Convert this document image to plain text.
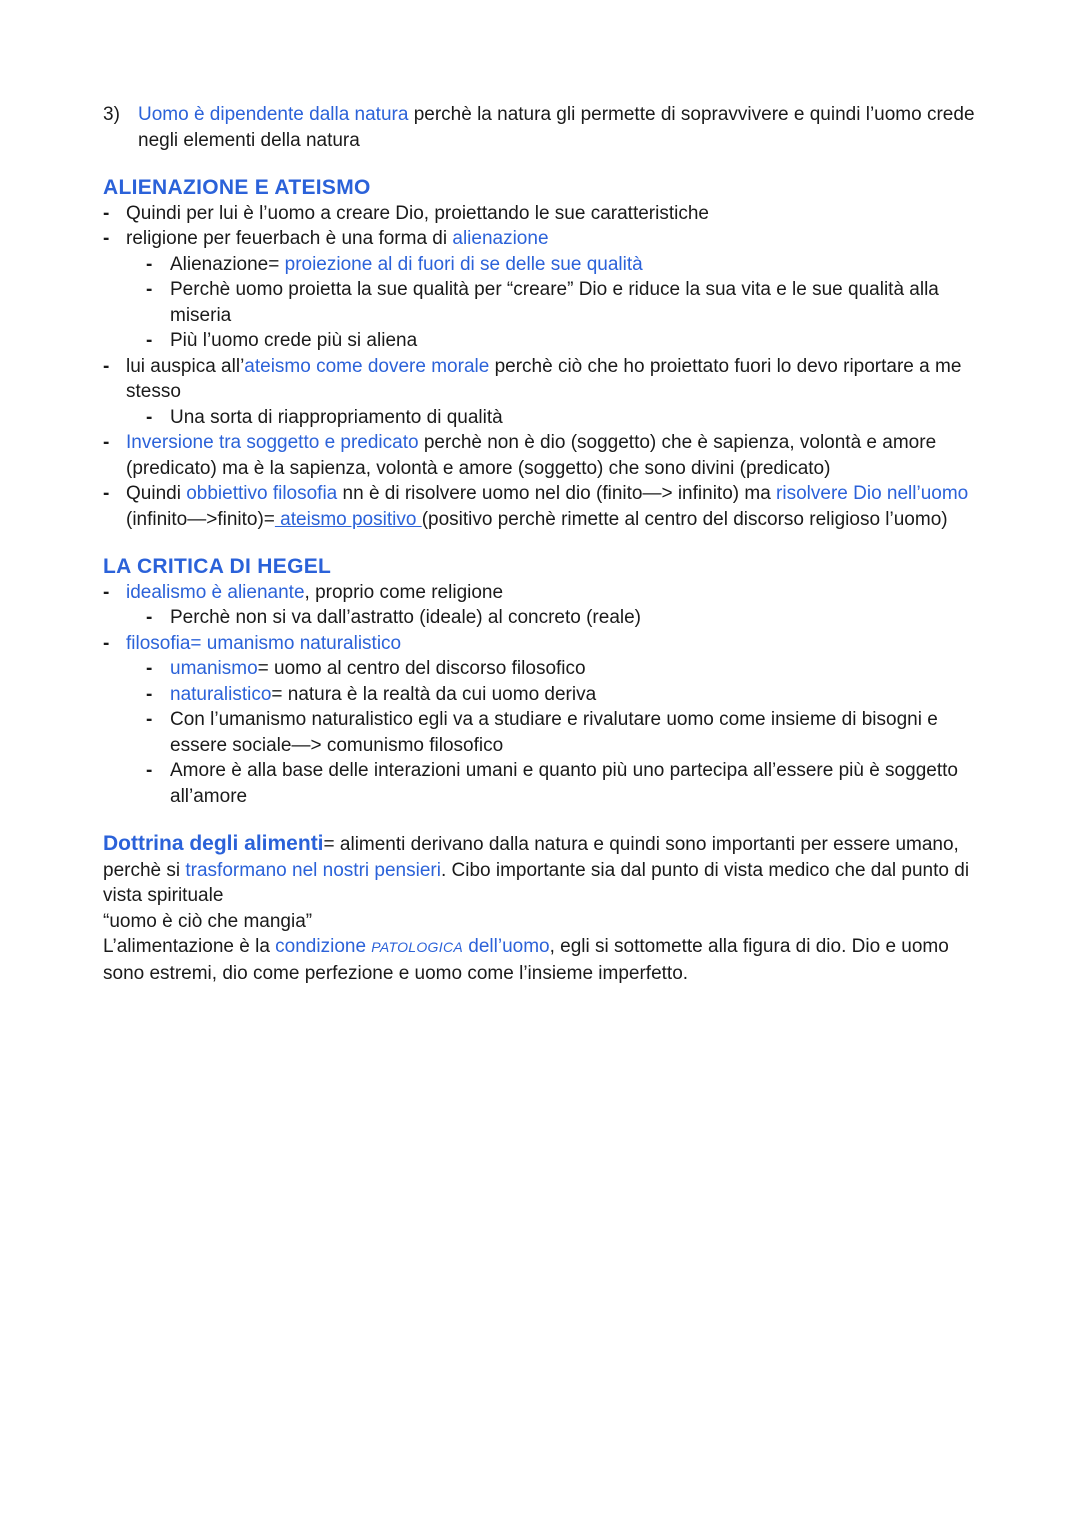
3) Uomo è dipendente dalla natura perchè la natura gli permette di sopravvivere e quindi l’uomo crede negli elementi della natura
ALIENAZIONE E ATEISMO
- Quindi per lui è l’uomo a creare Dio, proiettando le sue caratteristiche
- religione per feuerbach è una forma di alienazione
- Alienazione= proiezione al di fuori di se delle sue qualità
- Perchè uomo proietta la sue qualità per “creare” Dio e riduce la sua vita e le sue qualità alla miseria
- Più l’uomo crede più si aliena
- lui auspica all’ateismo come dovere morale perchè ciò che ho proiettato fuori lo devo riportare a me stesso
- Una sorta di riappropriamento di qualità
- Inversione tra soggetto e predicato perchè non è dio (soggetto) che è sapienza, volontà e amore (predicato) ma è la sapienza, volontà e amore (soggetto) che sono divini (predicato)
- Quindi obbiettivo filosofia nn è di risolvere uomo nel dio (finito—> infinito) ma risolvere Dio nell’uomo (infinito—>finito)= ateismo positivo (positivo perchè rimette al centro del discorso religioso l’uomo)
LA CRITICA DI HEGEL
- idealismo è alienante, proprio come religione
- Perchè non si va dall’astratto (ideale) al concreto (reale)
- filosofia= umanismo naturalistico
- umanismo= uomo al centro del discorso filosofico
- naturalistico= natura è la realtà da cui uomo deriva
- Con l’umanismo naturalistico egli va a studiare e rivalutare uomo come insieme di bisogni e essere sociale—> comunismo filosofico
- Amore è alla base delle interazioni umani e quanto più uno partecipa all’essere più è soggetto all’amore

Dottrina degli alimenti= alimenti derivano dalla natura e quindi sono importanti per essere umano, perchè si trasformano nel nostri pensieri. Cibo importante sia dal punto di vista medico che dal punto di vista spirituale

“uomo è ciò che mangia”

L’alimentazione è la condizione PATOLOGICA dell’uomo, egli si sottomette alla figura di dio. Dio e uomo sono estremi, dio come perfezione e uomo come l’insieme imperfetto.
